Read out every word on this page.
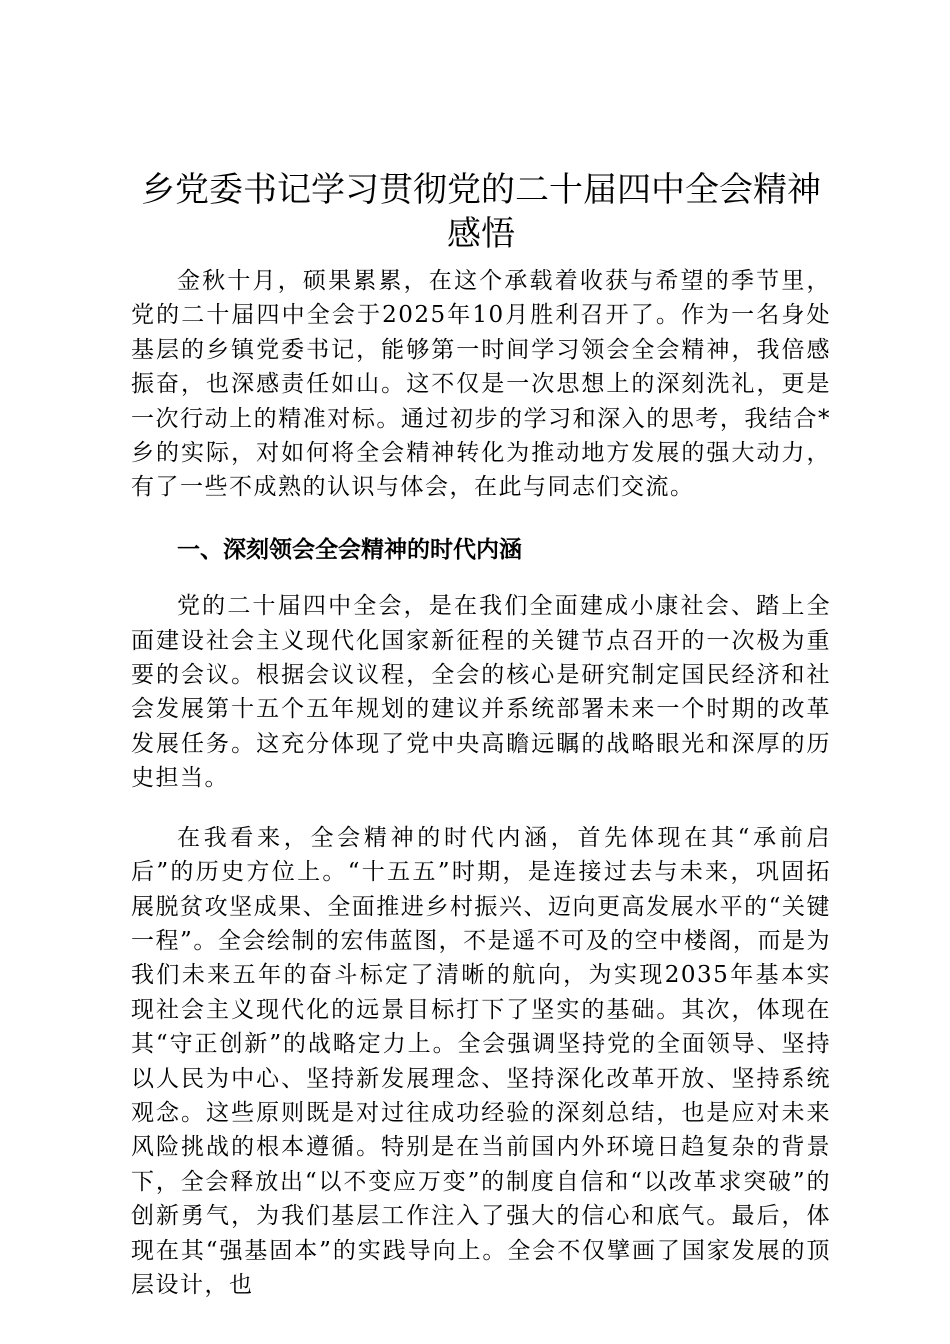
乡党委书记学习贯彻党的二十届四中全会精神感悟

金秋十月，硕果累累，在这个承载着收获与希望的季节里，党的二十届四中全会于2025年10月胜利召开了。作为一名身处基层的乡镇党委书记，能够第一时间学习领会全会精神，我倍感振奋，也深感责任如山。这不仅是一次思想上的深刻洗礼，更是一次行动上的精准对标。通过初步的学习和深入的思考，我结合*乡的实际，对如何将全会精神转化为推动地方发展的强大动力，有了一些不成熟的认识与体会，在此与同志们交流。

一、深刻领会全会精神的时代内涵

党的二十届四中全会，是在我们全面建成小康社会、踏上全面建设社会主义现代化国家新征程的关键节点召开的一次极为重要的会议。根据会议议程，全会的核心是研究制定国民经济和社会发展第十五个五年规划的建议并系统部署未来一个时期的改革发展任务。这充分体现了党中央高瞻远瞩的战略眼光和深厚的历史担当。

在我看来，全会精神的时代内涵，首先体现在其“承前启后”的历史方位上。“十五五”时期，是连接过去与未来，巩固拓展脱贫攻坚成果、全面推进乡村振兴、迈向更高发展水平的“关键一程”。全会绘制的宏伟蓝图，不是遥不可及的空中楼阁，而是为我们未来五年的奋斗标定了清晰的航向，为实现2035年基本实现社会主义现代化的远景目标打下了坚实的基础。其次，体现在其“守正创新”的战略定力上。全会强调坚持党的全面领导、坚持以人民为中心、坚持新发展理念、坚持深化改革开放、坚持系统观念。这些原则既是对过往成功经验的深刻总结，也是应对未来风险挑战的根本遵循。特别是在当前国内外环境日趋复杂的背景下，全会释放出“以不变应万变”的制度自信和“以改革求突破”的创新勇气，为我们基层工作注入了强大的信心和底气。最后，体现在其“强基固本”的实践导向上。全会不仅擘画了国家发展的顶层设计，也
